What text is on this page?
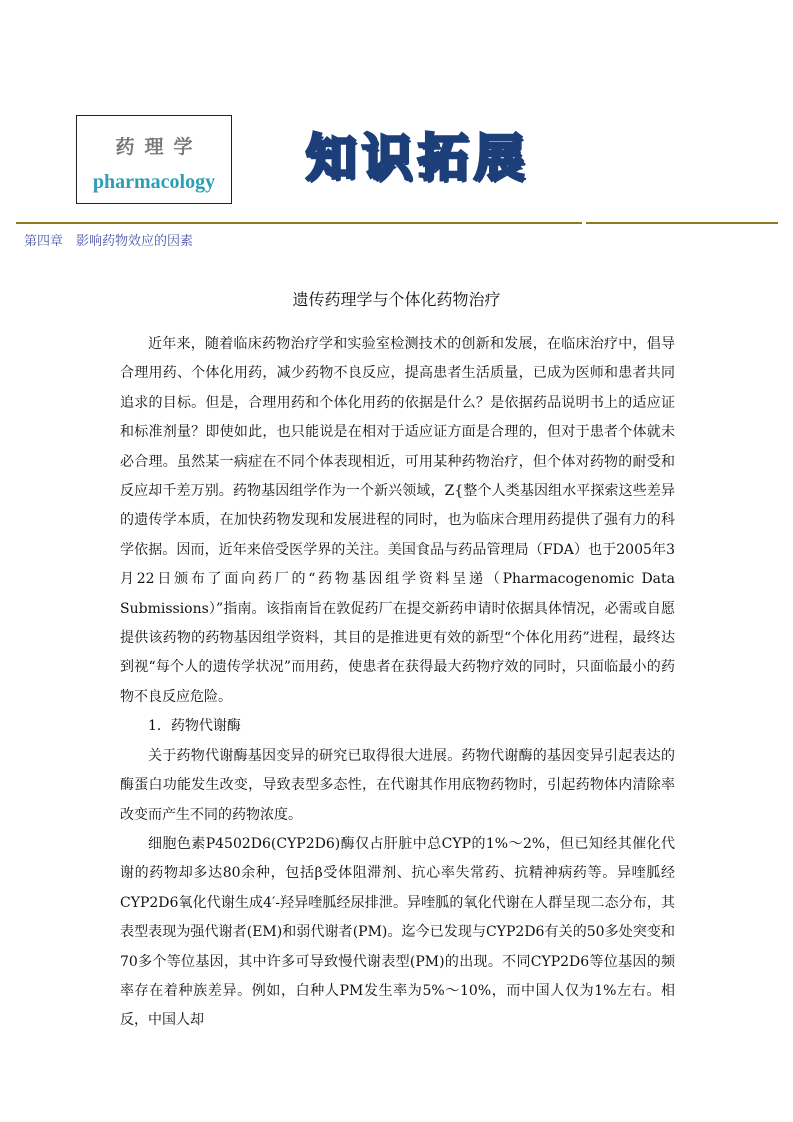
药理学
pharmacology	知识拓展
第四章　影响药物效应的因素
遗传药理学与个体化药物治疗

近年来，随着临床药物治疗学和实验室检测技术的创新和发展，在临床治疗中，倡导合理用药、个体化用药，减少药物不良反应，提高患者生活质量，已成为医师和患者共同追求的目标。但是，合理用药和个体化用药的依据是什么？是依据药品说明书上的适应证和标准剂量？即使如此，也只能说是在相对于适应证方面是合理的，但对于患者个体就未必合理。虽然某一病症在不同个体表现相近，可用某种药物治疗，但个体对药物的耐受和反应却千差万别。药物基因组学作为一个新兴领域，Z{整个人类基因组水平探索这些差异的遗传学本质，在加快药物发现和发展进程的同时，也为临床合理用药提供了强有力的科学依据。因而，近年来倍受医学界的关注。美国食品与药品管理局（FDA）也于2005年3月22日颁布了面向药厂的“药物基因组学资料呈递（Pharmacogenomic Data Submissions）”指南。该指南旨在敦促药厂在提交新药申请时依据具体情况，必需或自愿提供该药物的药物基因组学资料，其目的是推进更有效的新型“个体化用药”进程，最终达到视“每个人的遗传学状况”而用药，使患者在获得最大药物疗效的同时，只面临最小的药物不良反应危险。

1．药物代谢酶

关于药物代谢酶基因变异的研究已取得很大进展。药物代谢酶的基因变异引起表达的酶蛋白功能发生改变，导致表型多态性，在代谢其作用底物药物时，引起药物体内清除率改变而产生不同的药物浓度。

细胞色素P4502D6(CYP2D6)酶仅占肝脏中总CYP的1%～2%，但已知经其催化代谢的药物却多达80余种，包括β受体阻滞剂、抗心率失常药、抗精神病药等。异喹胍经CYP2D6氧化代谢生成4′-羟异喹胍经尿排泄。异喹胍的氧化代谢在人群呈现二态分布，其表型表现为强代谢者(EM)和弱代谢者(PM)。迄今已发现与CYP2D6有关的50多处突变和70多个等位基因，其中许多可导致慢代谢表型(PM)的出现。不同CYP2D6等位基因的频率存在着种族差异。例如，白种人PM发生率为5%～10%，而中国人仅为1%左右。相反，中国人却
